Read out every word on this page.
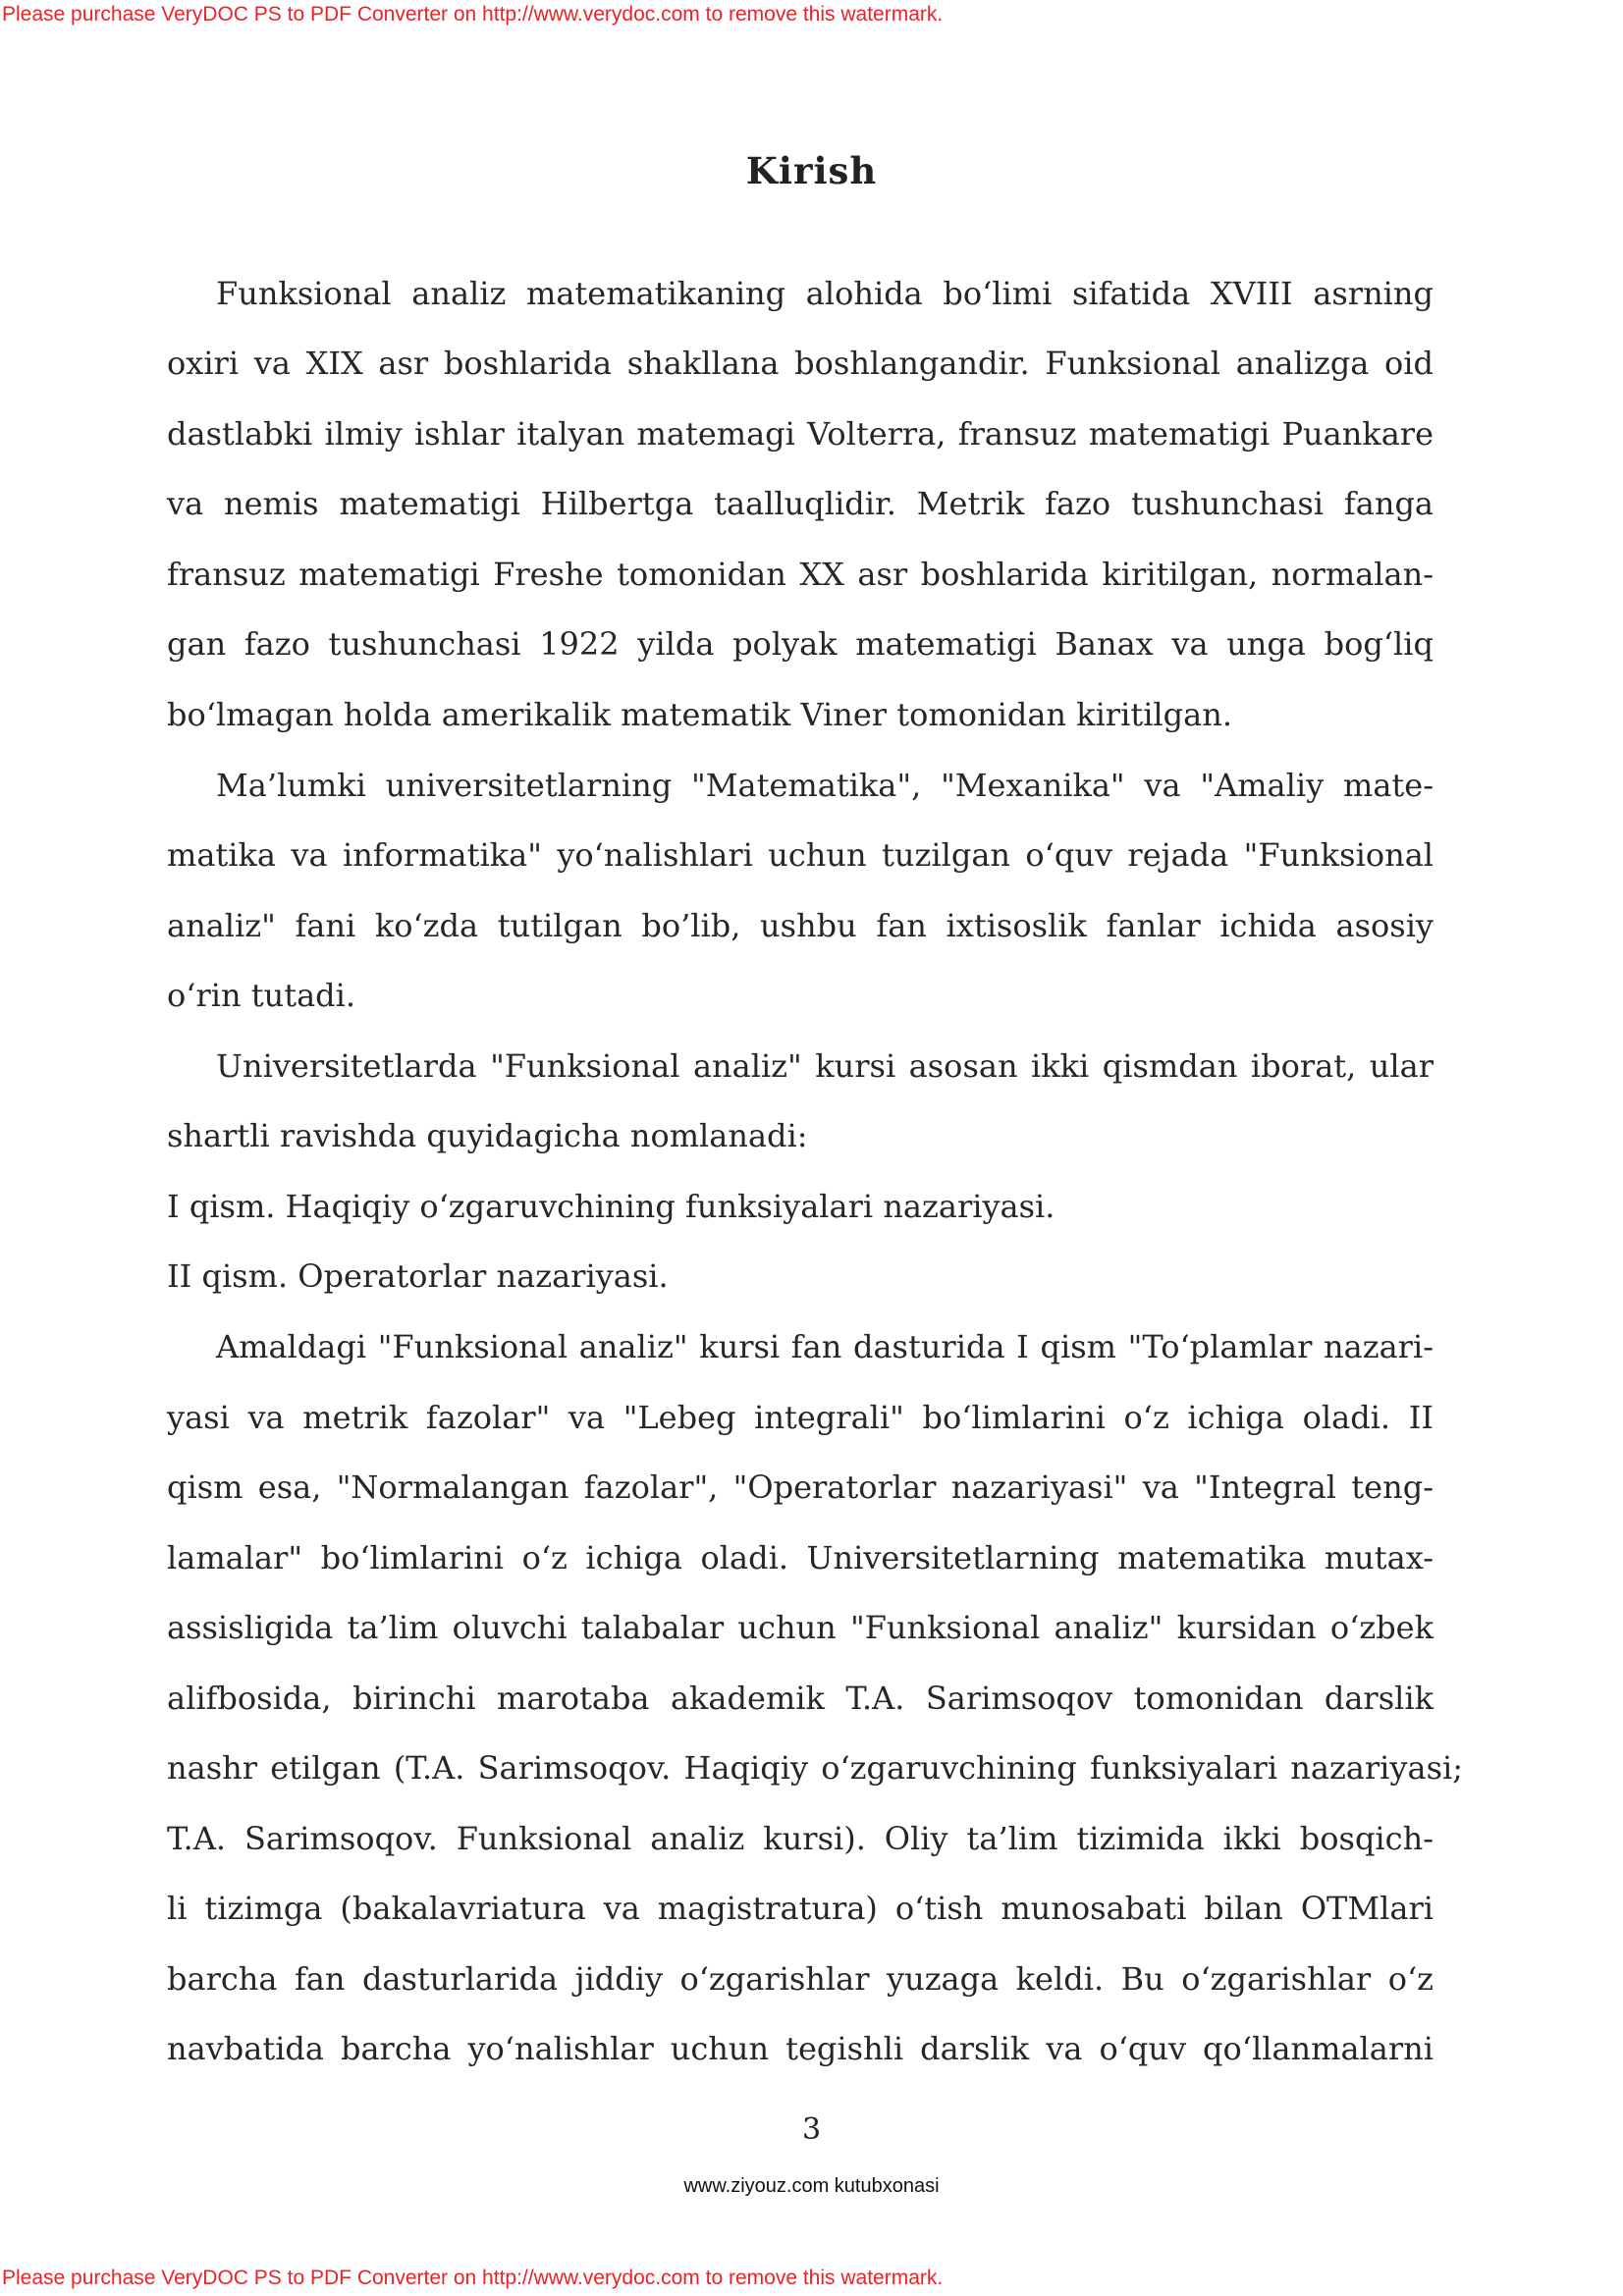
Please purchase VeryDOC PS to PDF Converter on http://www.verydoc.com to remove this watermark.

Kirish

Funksional analiz matematikaning alohida bo‘limi sifatida XVIII asrning

oxiri va XIX asr boshlarida shakllana boshlangandir. Funksional analizga oid

dastlabki ilmiy ishlar italyan matemagi Volterra, fransuz matematigi Puankare

va nemis matematigi Hilbertga taalluqlidir. Metrik fazo tushunchasi fanga

fransuz matematigi Freshe tomonidan XX asr boshlarida kiritilgan, normalan-

gan fazo tushunchasi 1922 yilda polyak matematigi Banax va unga bog‘liq

bo‘lmagan holda amerikalik matematik Viner tomonidan kiritilgan.

Ma’lumki universitetlarning "Matematika", "Mexanika" va "Amaliy mate-

matika va informatika" yo‘nalishlari uchun tuzilgan o‘quv rejada "Funksional

analiz" fani ko‘zda tutilgan bo’lib, ushbu fan ixtisoslik fanlar ichida asosiy

o‘rin tutadi.

Universitetlarda "Funksional analiz" kursi asosan ikki qismdan iborat, ular

shartli ravishda quyidagicha nomlanadi:

I qism. Haqiqiy o‘zgaruvchining funksiyalari nazariyasi.

II qism. Operatorlar nazariyasi.

Amaldagi "Funksional analiz" kursi fan dasturida I qism "To‘plamlar nazari-

yasi va metrik fazolar" va "Lebeg integrali" bo‘limlarini o‘z ichiga oladi. II

qism esa, "Normalangan fazolar", "Operatorlar nazariyasi" va "Integral teng-

lamalar" bo‘limlarini o‘z ichiga oladi. Universitetlarning matematika mutax-

assisligida ta’lim oluvchi talabalar uchun "Funksional analiz" kursidan o‘zbek

alifbosida, birinchi marotaba akademik T.A. Sarimsoqov tomonidan darslik

nashr etilgan (T.A. Sarimsoqov. Haqiqiy o‘zgaruvchining funksiyalari nazariyasi;

T.A. Sarimsoqov. Funksional analiz kursi). Oliy ta’lim tizimida ikki bosqich-

li tizimga (bakalavriatura va magistratura) o‘tish munosabati bilan OTMlari

barcha fan dasturlarida jiddiy o‘zgarishlar yuzaga keldi. Bu o‘zgarishlar o‘z

navbatida barcha yo‘nalishlar uchun tegishli darslik va o‘quv qo‘llanmalarni

3

www.ziyouz.com kutubxonasi

Please purchase VeryDOC PS to PDF Converter on http://www.verydoc.com to remove this watermark.
